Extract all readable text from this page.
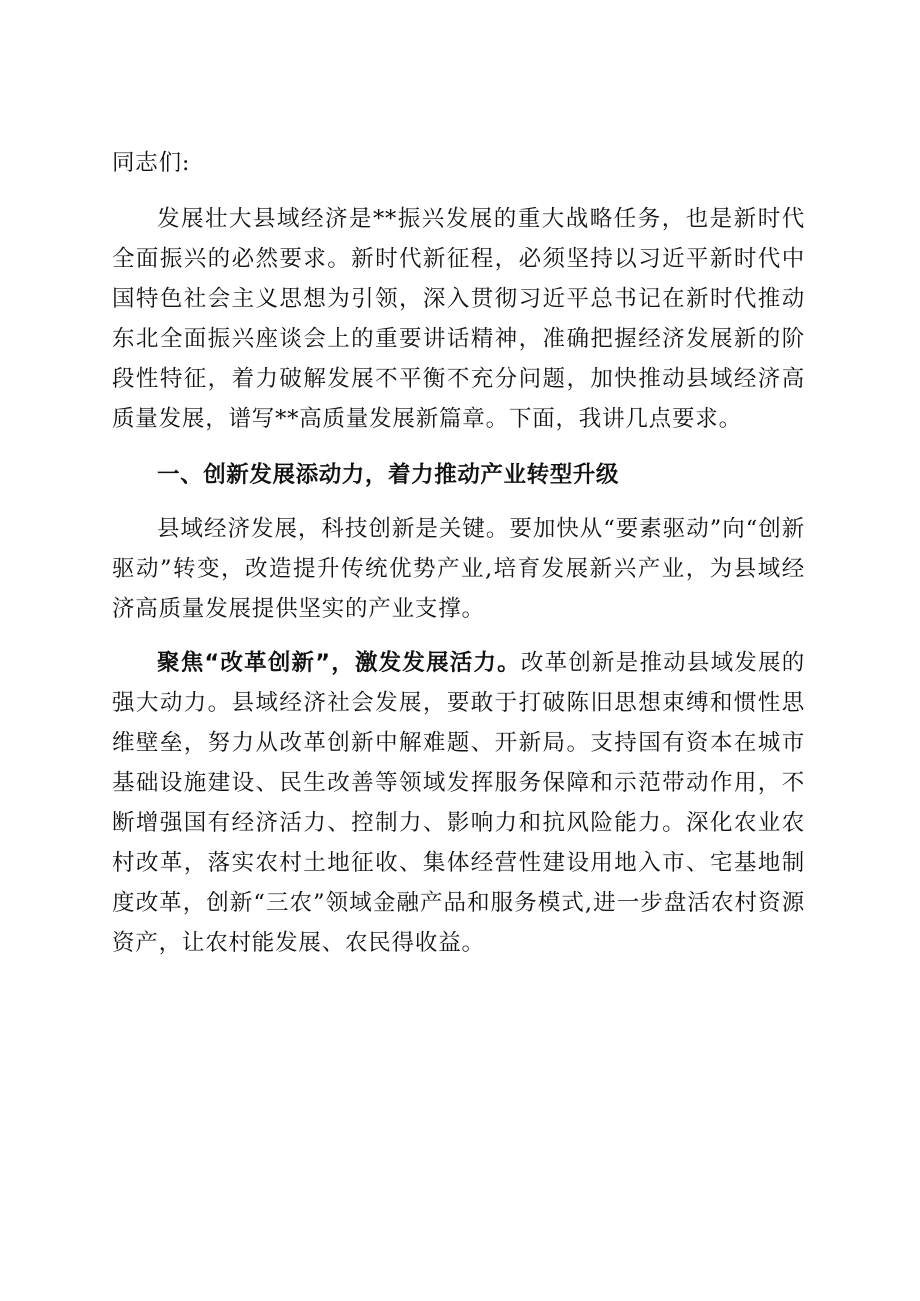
同志们:

发展壮大县域经济是**振兴发展的重大战略任务，也是新时代全面振兴的必然要求。新时代新征程，必须坚持以习近平新时代中国特色社会主义思想为引领，深入贯彻习近平总书记在新时代推动东北全面振兴座谈会上的重要讲话精神，准确把握经济发展新的阶段性特征，着力破解发展不平衡不充分问题，加快推动县域经济高质量发展，谱写**高质量发展新篇章。下面，我讲几点要求。

一、创新发展添动力，着力推动产业转型升级

县域经济发展，科技创新是关键。要加快从“要素驱动”向“创新驱动”转变，改造提升传统优势产业,培育发展新兴产业，为县域经济高质量发展提供坚实的产业支撑。

聚焦“改革创新”，激发发展活力。改革创新是推动县域发展的强大动力。县域经济社会发展，要敢于打破陈旧思想束缚和惯性思维壁垒，努力从改革创新中解难题、开新局。支持国有资本在城市基础设施建设、民生改善等领域发挥服务保障和示范带动作用，不断增强国有经济活力、控制力、影响力和抗风险能力。深化农业农村改革，落实农村土地征收、集体经营性建设用地入市、宅基地制度改革，创新“三农”领域金融产品和服务模式,进一步盘活农村资源资产，让农村能发展、农民得收益。
